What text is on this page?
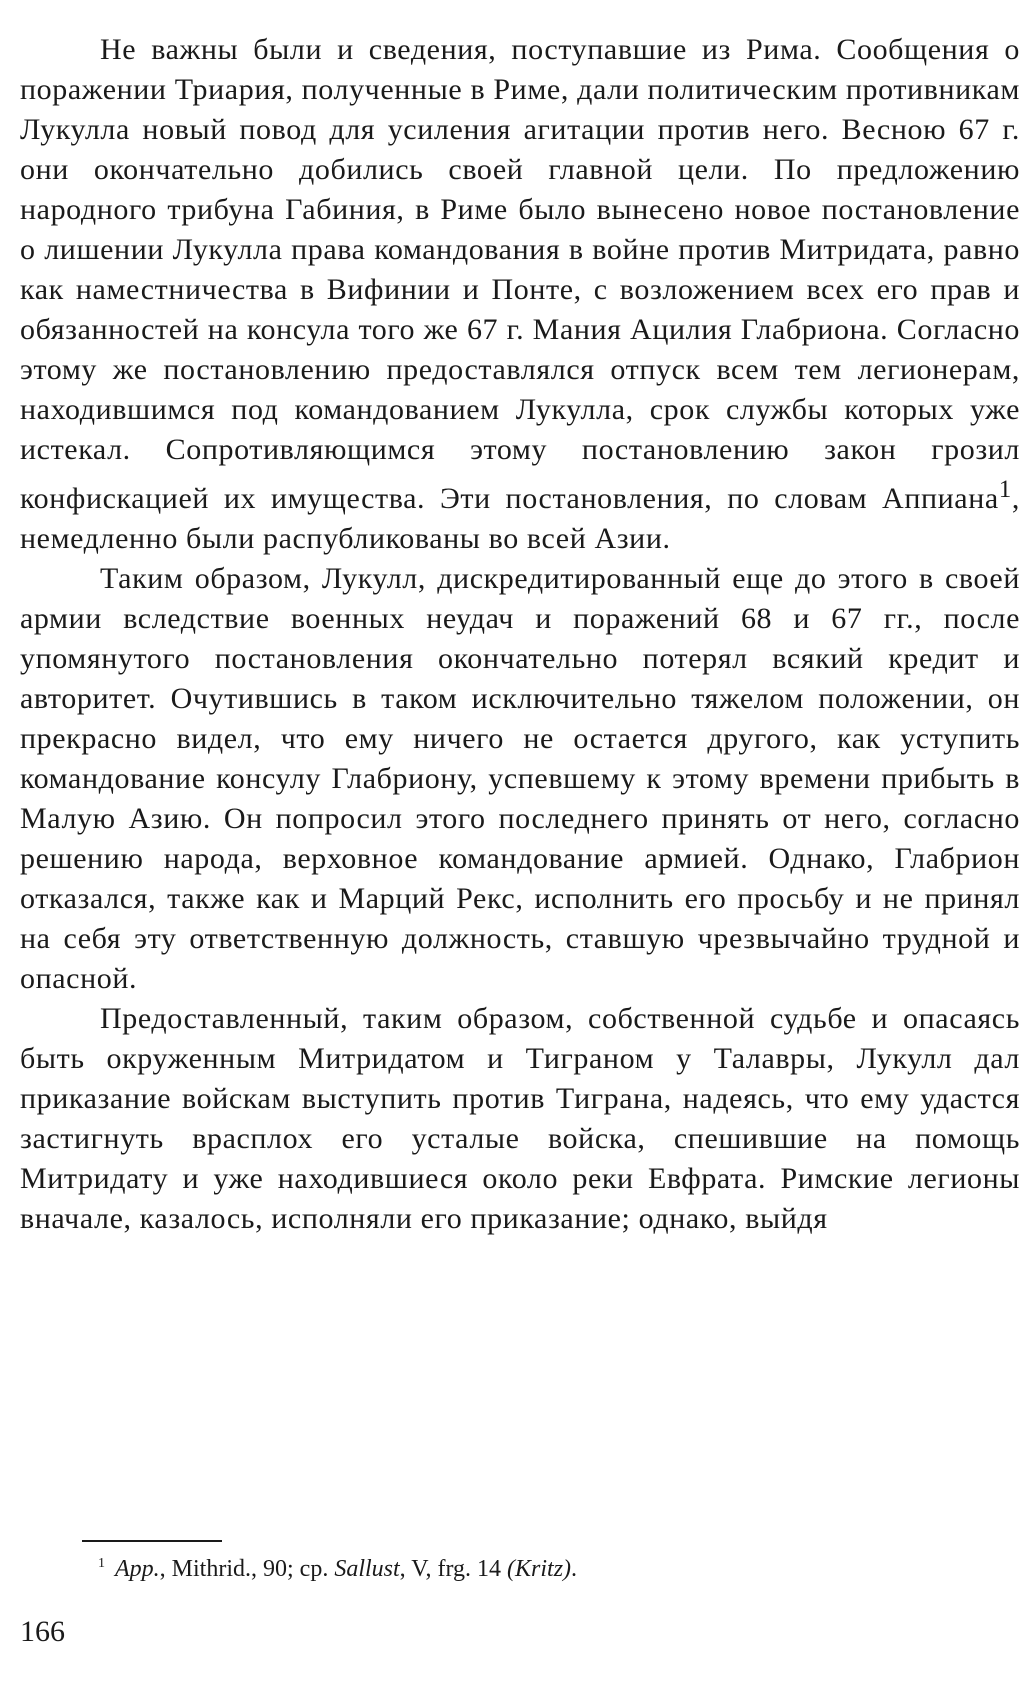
Не важны были и сведения, поступавшие из Рима. Сообщения о поражении Триария, полученные в Риме, дали политическим противникам Лукулла новый повод для усиления агитации против него. Весною 67 г. они окончательно добились своей главной цели. По предложению народного трибуна Габиния, в Риме было вынесено новое постановление о лишении Лукулла права командования в войне против Митридата, равно как наместничества в Вифинии и Понте, с возложением всех его прав и обязанностей на консула того же 67 г. Мания Ацилия Глабриона. Согласно этому же постановлению предоставлялся отпуск всем тем легионерам, находившимся под командованием Лукулла, срок службы которых уже истекал. Сопротивляющимся этому постановлению закон грозил конфискацией их имущества. Эти постановления, по словам Аппиана$^1$, немедленно были распубликованы во всей Азии.

Таким образом, Лукулл, дискредитированный еще до этого в своей армии вследствие военных неудач и поражений 68 и 67 гг., после упомянутого постановления окончательно потерял всякий кредит и авторитет. Очутившись в таком исключительно тяжелом положении, он прекрасно видел, что ему ничего не остается другого, как уступить командование консулу Глабриону, успевшему к этому времени прибыть в Малую Азию. Он попросил этого последнего принять от него, согласно решению народа, верховное командование армией. Однако, Глабрион отказался, также как и Марций Рекс, исполнить его просьбу и не принял на себя эту ответственную должность, ставшую чрезвычайно трудной и опасной.

Предоставленный, таким образом, собственной судьбе и опасаясь быть окруженным Митридатом и Тиграном у Талавры, Лукулл дал приказание войскам выступить против Тиграна, надеясь, что ему удастся застигнуть врасплох его усталые войска, спешившие на помощь Митридату и уже находившиеся около реки Евфрата. Римские легионы вначале, казалось, исполняли его приказание; однако, выйдя

$^1$ App., Mithrid., 90; ср. Sallust, V, frg. 14 (Kritz).
166
